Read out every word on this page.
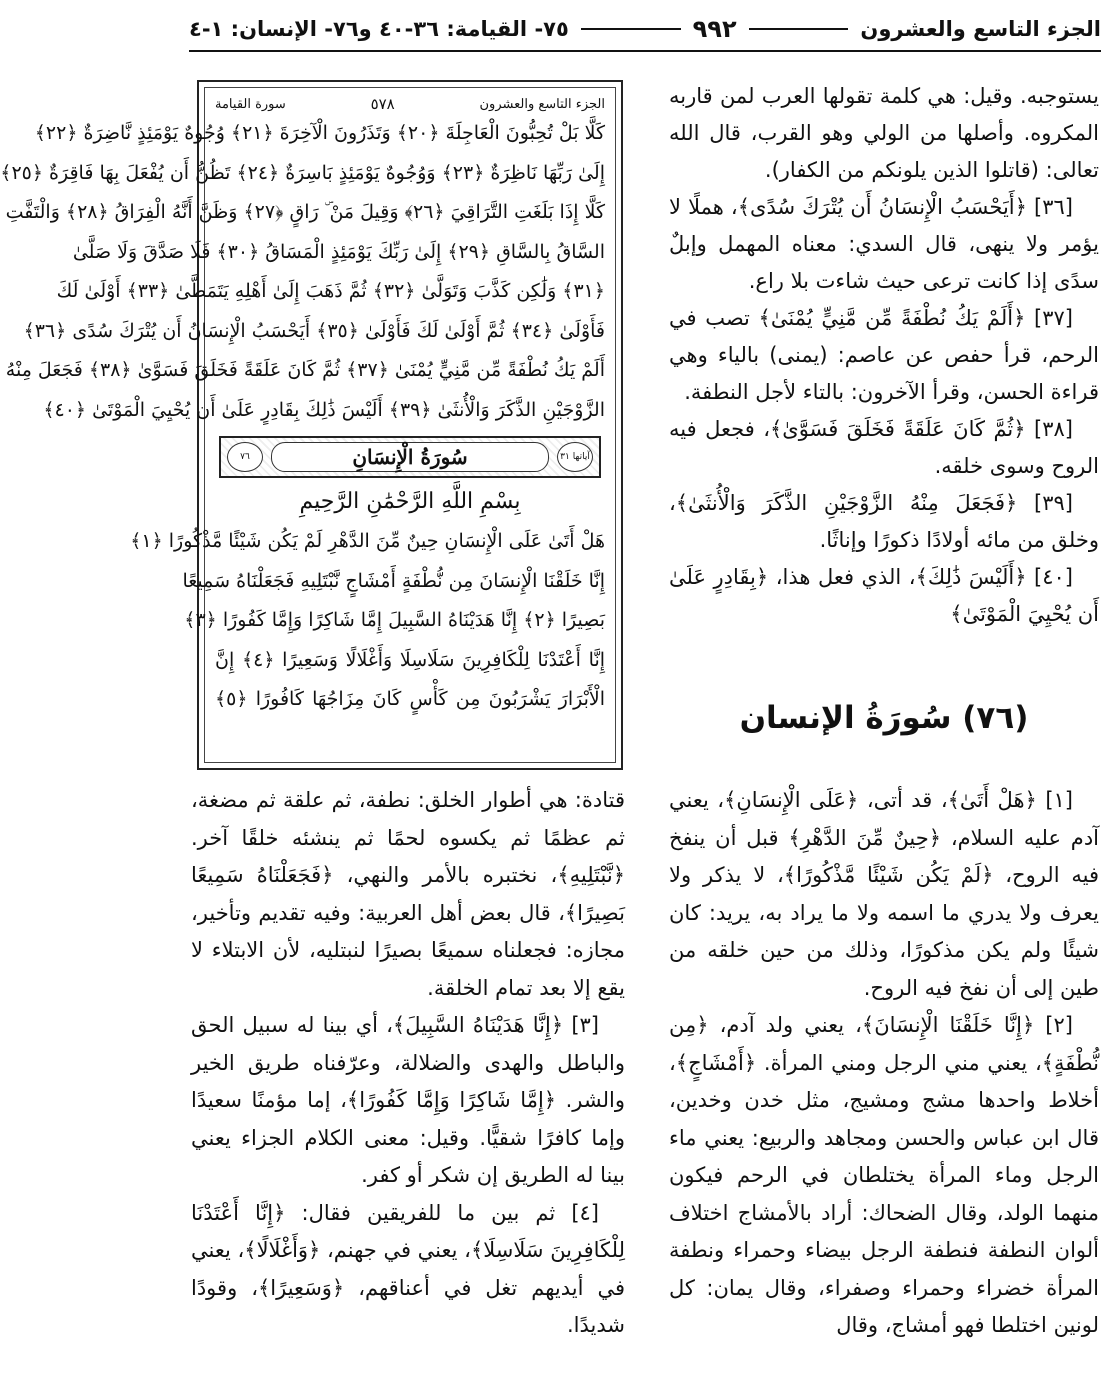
الجزء التاسع والعشرون
٩٩٢
٧٥- القيامة: ٣٦-٤٠ و٧٦- الإنسان: ١-٤

يستوجبه. وقيل: هي كلمة تقولها العرب لمن قاربه المكروه. وأصلها من الولي وهو القرب، قال الله تعالى: (قاتلوا الذين يلونكم من الكفار).

[٣٦] ﴿أَيَحْسَبُ الْإِنسَانُ أَن يُتْرَكَ سُدًى﴾، هملًا لا يؤمر ولا ينهى، قال السدي: معناه المهمل وإبلٌ سدًى إذا كانت ترعى حيث شاءت بلا راع.

[٣٧] ﴿أَلَمْ يَكُ نُطْفَةً مِّن مَّنِيٍّ يُمْنَىٰ﴾ تصب في الرحم، قرأ حفص عن عاصم: (يمنى) بالياء وهي قراءة الحسن، وقرأ الآخرون: بالتاء لأجل النطفة.

[٣٨] ﴿ثُمَّ كَانَ عَلَقَةً فَخَلَقَ فَسَوَّىٰ﴾، فجعل فيه الروح وسوى خلقه.

[٣٩] ﴿فَجَعَلَ مِنْهُ الزَّوْجَيْنِ الذَّكَرَ وَالْأُنثَىٰ﴾، وخلق من مائه أولادًا ذكورًا وإناثًا.

[٤٠] ﴿أَلَيْسَ ذَٰلِكَ﴾، الذي فعل هذا، ﴿بِقَادِرٍ عَلَىٰ أَن يُحْيِيَ الْمَوْتَىٰ﴾

(٧٦) سُورَةُ الإنسان
الجزء التاسع والعشرون
٥٧٨
سورة القيامة
كَلَّا بَلْ تُحِبُّونَ الْعَاجِلَةَ ﴿٢٠﴾ وَتَذَرُونَ الْآخِرَةَ ﴿٢١﴾ وُجُوهٌ يَوْمَئِذٍ نَّاضِرَةٌ ﴿٢٢﴾
إِلَىٰ رَبِّهَا نَاظِرَةٌ ﴿٢٣﴾ وَوُجُوهٌ يَوْمَئِذٍ بَاسِرَةٌ ﴿٢٤﴾ تَظُنُّ أَن يُفْعَلَ بِهَا فَاقِرَةٌ ﴿٢٥﴾
كَلَّا إِذَا بَلَغَتِ التَّرَاقِيَ ﴿٢٦﴾ وَقِيلَ مَنْ ۜ رَاقٍ ﴿٢٧﴾ وَظَنَّ أَنَّهُ الْفِرَاقُ ﴿٢٨﴾ وَالْتَفَّتِ
السَّاقُ بِالسَّاقِ ﴿٢٩﴾ إِلَىٰ رَبِّكَ يَوْمَئِذٍ الْمَسَاقُ ﴿٣٠﴾ فَلَا صَدَّقَ وَلَا صَلَّىٰ
﴿٣١﴾ وَلَٰكِن كَذَّبَ وَتَوَلَّىٰ ﴿٣٢﴾ ثُمَّ ذَهَبَ إِلَىٰ أَهْلِهِ يَتَمَطَّىٰ ﴿٣٣﴾ أَوْلَىٰ لَكَ
فَأَوْلَىٰ ﴿٣٤﴾ ثُمَّ أَوْلَىٰ لَكَ فَأَوْلَىٰ ﴿٣٥﴾ أَيَحْسَبُ الْإِنسَانُ أَن يُتْرَكَ سُدًى ﴿٣٦﴾
أَلَمْ يَكُ نُطْفَةً مِّن مَّنِيٍّ يُمْنَىٰ ﴿٣٧﴾ ثُمَّ كَانَ عَلَقَةً فَخَلَقَ فَسَوَّىٰ ﴿٣٨﴾ فَجَعَلَ مِنْهُ
الزَّوْجَيْنِ الذَّكَرَ وَالْأُنثَىٰ ﴿٣٩﴾ أَلَيْسَ ذَٰلِكَ بِقَادِرٍ عَلَىٰ أَن يُحْيِيَ الْمَوْتَىٰ ﴿٤٠﴾
آياتها ٣١
سُورَةُ الْإِنسَانِ
٧٦
بِسْمِ اللَّهِ الرَّحْمَٰنِ الرَّحِيمِ
هَلْ أَتَىٰ عَلَى الْإِنسَانِ حِينٌ مِّنَ الدَّهْرِ لَمْ يَكُن شَيْئًا مَّذْكُورًا ﴿١﴾
إِنَّا خَلَقْنَا الْإِنسَانَ مِن نُّطْفَةٍ أَمْشَاجٍ نَّبْتَلِيهِ فَجَعَلْنَاهُ سَمِيعًا
بَصِيرًا ﴿٢﴾ إِنَّا هَدَيْنَاهُ السَّبِيلَ إِمَّا شَاكِرًا وَإِمَّا كَفُورًا ﴿٣﴾
إِنَّا أَعْتَدْنَا لِلْكَافِرِينَ سَلَاسِلَا وَأَغْلَالًا وَسَعِيرًا ﴿٤﴾ إِنَّ
الْأَبْرَارَ يَشْرَبُونَ مِن كَأْسٍ كَانَ مِزَاجُهَا كَافُورًا ﴿٥﴾

[١] ﴿هَلْ أَتَىٰ﴾، قد أتى، ﴿عَلَى الْإِنسَانِ﴾، يعني آدم عليه السلام، ﴿حِينٌ مِّنَ الدَّهْرِ﴾ قبل أن ينفخ فيه الروح، ﴿لَمْ يَكُن شَيْئًا مَّذْكُورًا﴾، لا يذكر ولا يعرف ولا يدري ما اسمه ولا ما يراد به، يريد: كان شيئًا ولم يكن مذكورًا، وذلك من حين خلقه من طين إلى أن نفخ فيه الروح.

[٢] ﴿إِنَّا خَلَقْنَا الْإِنسَانَ﴾، يعني ولد آدم، ﴿مِن نُّطْفَةٍ﴾، يعني مني الرجل ومني المرأة. ﴿أَمْشَاجٍ﴾، أخلاط واحدها مشج ومشيج، مثل خدن وخدين، قال ابن عباس والحسن ومجاهد والربيع: يعني ماء الرجل وماء المرأة يختلطان في الرحم فيكون منهما الولد، وقال الضحاك: أراد بالأمشاج اختلاف ألوان النطفة فنطفة الرجل بيضاء وحمراء ونطفة المرأة خضراء وحمراء وصفراء، وقال يمان: كل لونين اختلطا فهو أمشاج، وقال

قتادة: هي أطوار الخلق: نطفة، ثم علقة ثم مضغة، ثم عظمًا ثم يكسوه لحمًا ثم ينشئه خلقًا آخر. ﴿نَّبْتَلِيهِ﴾، نختبره بالأمر والنهي، ﴿فَجَعَلْنَاهُ سَمِيعًا بَصِيرًا﴾، قال بعض أهل العربية: وفيه تقديم وتأخير، مجازه: فجعلناه سميعًا بصيرًا لنبتليه، لأن الابتلاء لا يقع إلا بعد تمام الخلقة.

[٣] ﴿إِنَّا هَدَيْنَاهُ السَّبِيلَ﴾، أي بينا له سبيل الحق والباطل والهدى والضلالة، وعرّفناه طريق الخير والشر. ﴿إِمَّا شَاكِرًا وَإِمَّا كَفُورًا﴾، إما مؤمنًا سعيدًا وإما كافرًا شقيًّا. وقيل: معنى الكلام الجزاء يعني بينا له الطريق إن شكر أو كفر.

[٤] ثم بين ما للفريقين فقال: ﴿إِنَّا أَعْتَدْنَا لِلْكَافِرِينَ سَلَاسِلَا﴾، يعني في جهنم، ﴿وَأَغْلَالًا﴾، يعني في أيديهم تغل في أعناقهم، ﴿وَسَعِيرًا﴾، وقودًا شديدًا.
